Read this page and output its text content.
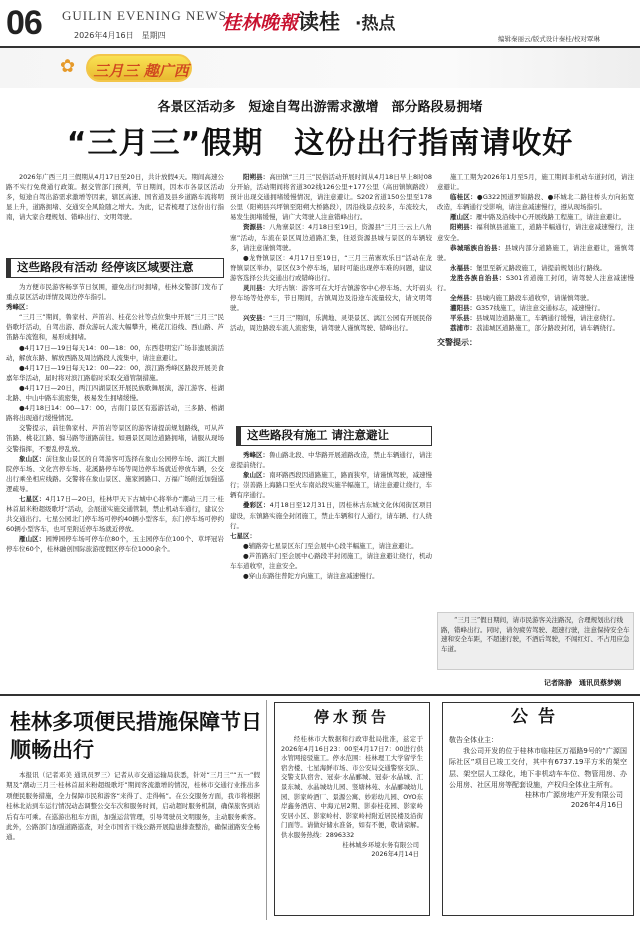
06 GUILIN EVENING NEWS
2026年4月16日　星期四
桂林晚報 读桂 ·热点
编辑秦丽云/版式设计秦桂/校对覃琳
✿	三月三 趣广西
各景区活动多　短途自驾出游需求激增　部分路段易拥堵
“三月三”假期　这份出行指南请收好

2026年广西三月三假期从4月17日至20日，共计放假4天。期间高速公路不实行免费通行政策。据交管部门预判，节日期间，因本市各景区活动多，短途自驾出游需求激增等因素，辖区高速、国省道及县乡道路车流将明显上升，道路拥堵、交通安全风险随之增大。为此，记者梳理了这份出行指南，请大家合理规划、错峰出行、文明驾驶。

这些路段有活动 经停该区域要注意

为方便市民游客畅享节日氛围，避免出行时拥堵，桂林交警部门发布了重点景区活动详情及周边停车指引。

秀峰区：

“三月三”期间，鲁家村、芦笛岩、桂花公社等点位集中开展“三月三”民俗歌圩活动，自驾出游、群众游玩人流大幅攀升，桃花江沿线、西山路、芦笛路车流饱和，易形成拥堵。

●4月17日—19日每天14：00—18：00，东西巷明宏广场非遗展演活动，解放东路、解放西路及周边路段人流集中，请注意避让。

●4月17日—19日每天12：00—22：00，滨江路秀峰区路段开展美食嘉年华活动，届时将对滨江路临时采取交通管制措施。

●4月17日—20日，两江四湖景区开展民族歌舞展演，游江游客、桂湖北路、中山中路车流密集，极易发生拥堵缓慢。

●4月18日14：00—17：00，古南门景区有巡游活动，三多路、榕湖路将出现通行缓慢情况。

交警提示，前往鲁家村、芦笛岩等景区的游客请提前规划路线，可从芦笛路、桃花江路、骝马路等道路前往。如遇景区周边道路拥堵，请服从现场交警指挥，不要乱停乱放。

象山区：前往象山景区的自驾游客可选择在象山公园停车场、漓江大剧院停车场、文化宫停车场、花溪路停车场等周边停车场就近停放车辆，公交出行乘坐相应线路。交警将在象山景区、施家园路口、万福广场附近加强巡逻疏导。

七星区：4月17日—20日，桂林甲天下古城中心将举办“潮动三月三·桂林首届米粉超级歌圩”活动，会展道实施交通管制，禁止机动车通行，建议公共交通出行。七星公园北门停车场可停约40辆小型客车，东门停车场可停约60辆小型客车，也可至附近停车场就近停放。

雁山区：园博园停车场可停车位80个，玉主园停车位100个、草坪冠岩停车位60个，桂林融创国际旅游度假区停车位1000余个。

阳朔县：高田镇“三月三”民俗活动开展时间从4月18日早上8时08分开始，活动期间将省道302线126公里+177公里（高田镇镇路段）预计出现交通拥堵缓慢情况，请注意避让。S202省道150公里至178公里（阳朔县兴坪镇至阳朔大桥路段），因沿线景点较多，车流较大，易发生拥堵缓慢，请广大驾驶人注意错峰出行。

资源县：八角寨景区：4月18日至19日，资源县“三月三·云上八角寨”活动，车流在景区周边道路汇集，往返资源县城与景区的车辆较多，请注意谨慎驾驶。

●龙脊镇景区：4月17日至19日，“三月三苗寨欢乐日”活动在龙脊镇景区举办，景区仅3个停车场，届时可能出现停车难的问题，建议游客选择公共交通出行或错峰出行。

灵川县：大圩古镇：游客可在大圩古镇游客中心停车场、大圩码头停车场等处停车，节日期间，古镇周边及沿途车流量较大，请文明驾驶。

兴安县：“三月三”期间，乐满地、灵渠景区、漓江公园有开展民俗活动，周边路段车流人流密集，请驾驶人谨慎驾驶、错峰出行。

这些路段有施工 请注意避让

秀峰区：鲁山路北段、中华路开展道路改造，禁止车辆通行，请注意提前绕行。

象山区：南环路西段因道路施工，路面狭窄，请谨慎驾驶，减速慢行；崇善路上海路口至火车南站段实施半幅施工，请注意避让绕行，车辆有序通行。

叠彩区：4月18日至12月31日，因桂林古东城文化休闲街区项目建设，东镇路实施全封闭施工，禁止车辆和行人通行，请车辆、行人绕行。

七星区：

●辅路旁七星景区东门至会展中心段半幅施工，请注意避让。

●芦笛路东门至会展中心路段半封闭施工，请注意避让绕行，机动车车道收窄，注意安全。

●穿山东路往普陀方向施工，请注意减速慢行。

施工工期为2026年1月至5月，施工期间非机动车道封闭，请注意避让。

临桂区：●G322国道罗锦路段、●环城北二路往桥头方向拓宽改造，车辆通行受影响，请注意减速慢行，遵从现场指引。

雁山区：雁中路及沿线中心开展线路工程施工，请注意避让。

阳朔县：福利镇县道施工，道路半幅通行，请注意减速慢行，注意安全。

恭城瑶族自治县：县城内部分道路施工，请注意避让，谨慎驾驶。

永福县：堡里至新元路段施工，请提前规划出行路线。

龙胜各族自治县：S301省道施工封闭，请驾驶人注意减速慢行。

全州县：县城内施工路段车道收窄，请谨慎驾驶。

灌阳县：G357线施工，请注意交通标志，减速慢行。

平乐县：县城周边道路施工，车辆通行缓慢，请注意绕行。

荔浦市：荔浦城区道路施工，部分路段封闭，请车辆绕行。

交警提示：

“三月三”假日期间，请市民游客关注路况，合理规划出行线路，错峰出行。同时，请勿疲劳驾驶、超速行驶，注意保持安全车速和安全车距，不超速行驶，不酒后驾驶，不闯红灯、不占用应急车道。
记者陈静　通讯员蔡梦娴
桂林多项便民措施保障节日顺畅出行

本报讯（记者邓美 通讯员罗三）记者从市交通运输局获悉，针对“三月三”“五一”假期及“潮动三月三·桂林首届米粉超级歌圩”期间客流激增的情况，桂林市交通行业推出多项便民服务措施，全力保障市民和游客“来得了、走得畅”。在公交服务方面，我市将根据桂林北站到车运行情况动态调整公交车次和服务时间，启动超时服务机制，确保旅客到站后有车可乘。在巡游出租车方面，加强运营管理，引导驾驶员文明服务，主动服务乘客。此外，公路部门加强道路巡查，对全市国省干线公路开展隐患排查整治，确保道路安全畅通。

停水预告

经桂林市大数据和行政审批局批准，兹定于2026年4月16日23：00至4月17日7：00进行供水管网接驳施工。停水范围：桂林理工大学留学生宿舍楼、七星海鲜市场、市公安局交通警察支队、交警支队宿舍、冠泰·水晶郦城、冠泰·水晶城、汇景东城、水晶城幼儿园、竖塘林苑、水晶郦城幼儿园、影家岭酒厂、景源公寓、妙彩幼儿园、OYO东岸鑫务酒店、中海元居2期、影泰桂花园、影家岭安居小区、影家岭村、影家岭村附近居民楼及沿街门面等。请做好储水准备，如有不便，敬请谅解。供水服务热线：2896332

桂林城乡环境水务有限公司
2026年4月14日
公告
敬告全体业主：

我公司开发的位于桂林市临桂区万福路9号的“广源国际社区”项目已竣工交付，其中有6737.19平方米的架空层、架空层人工绿化，地下非机动车车位、物管用房、办公用房、社区用房等配套设施，产权归全体业主所有。

桂林市广源房地产开发有限公司
2026年4月16日
